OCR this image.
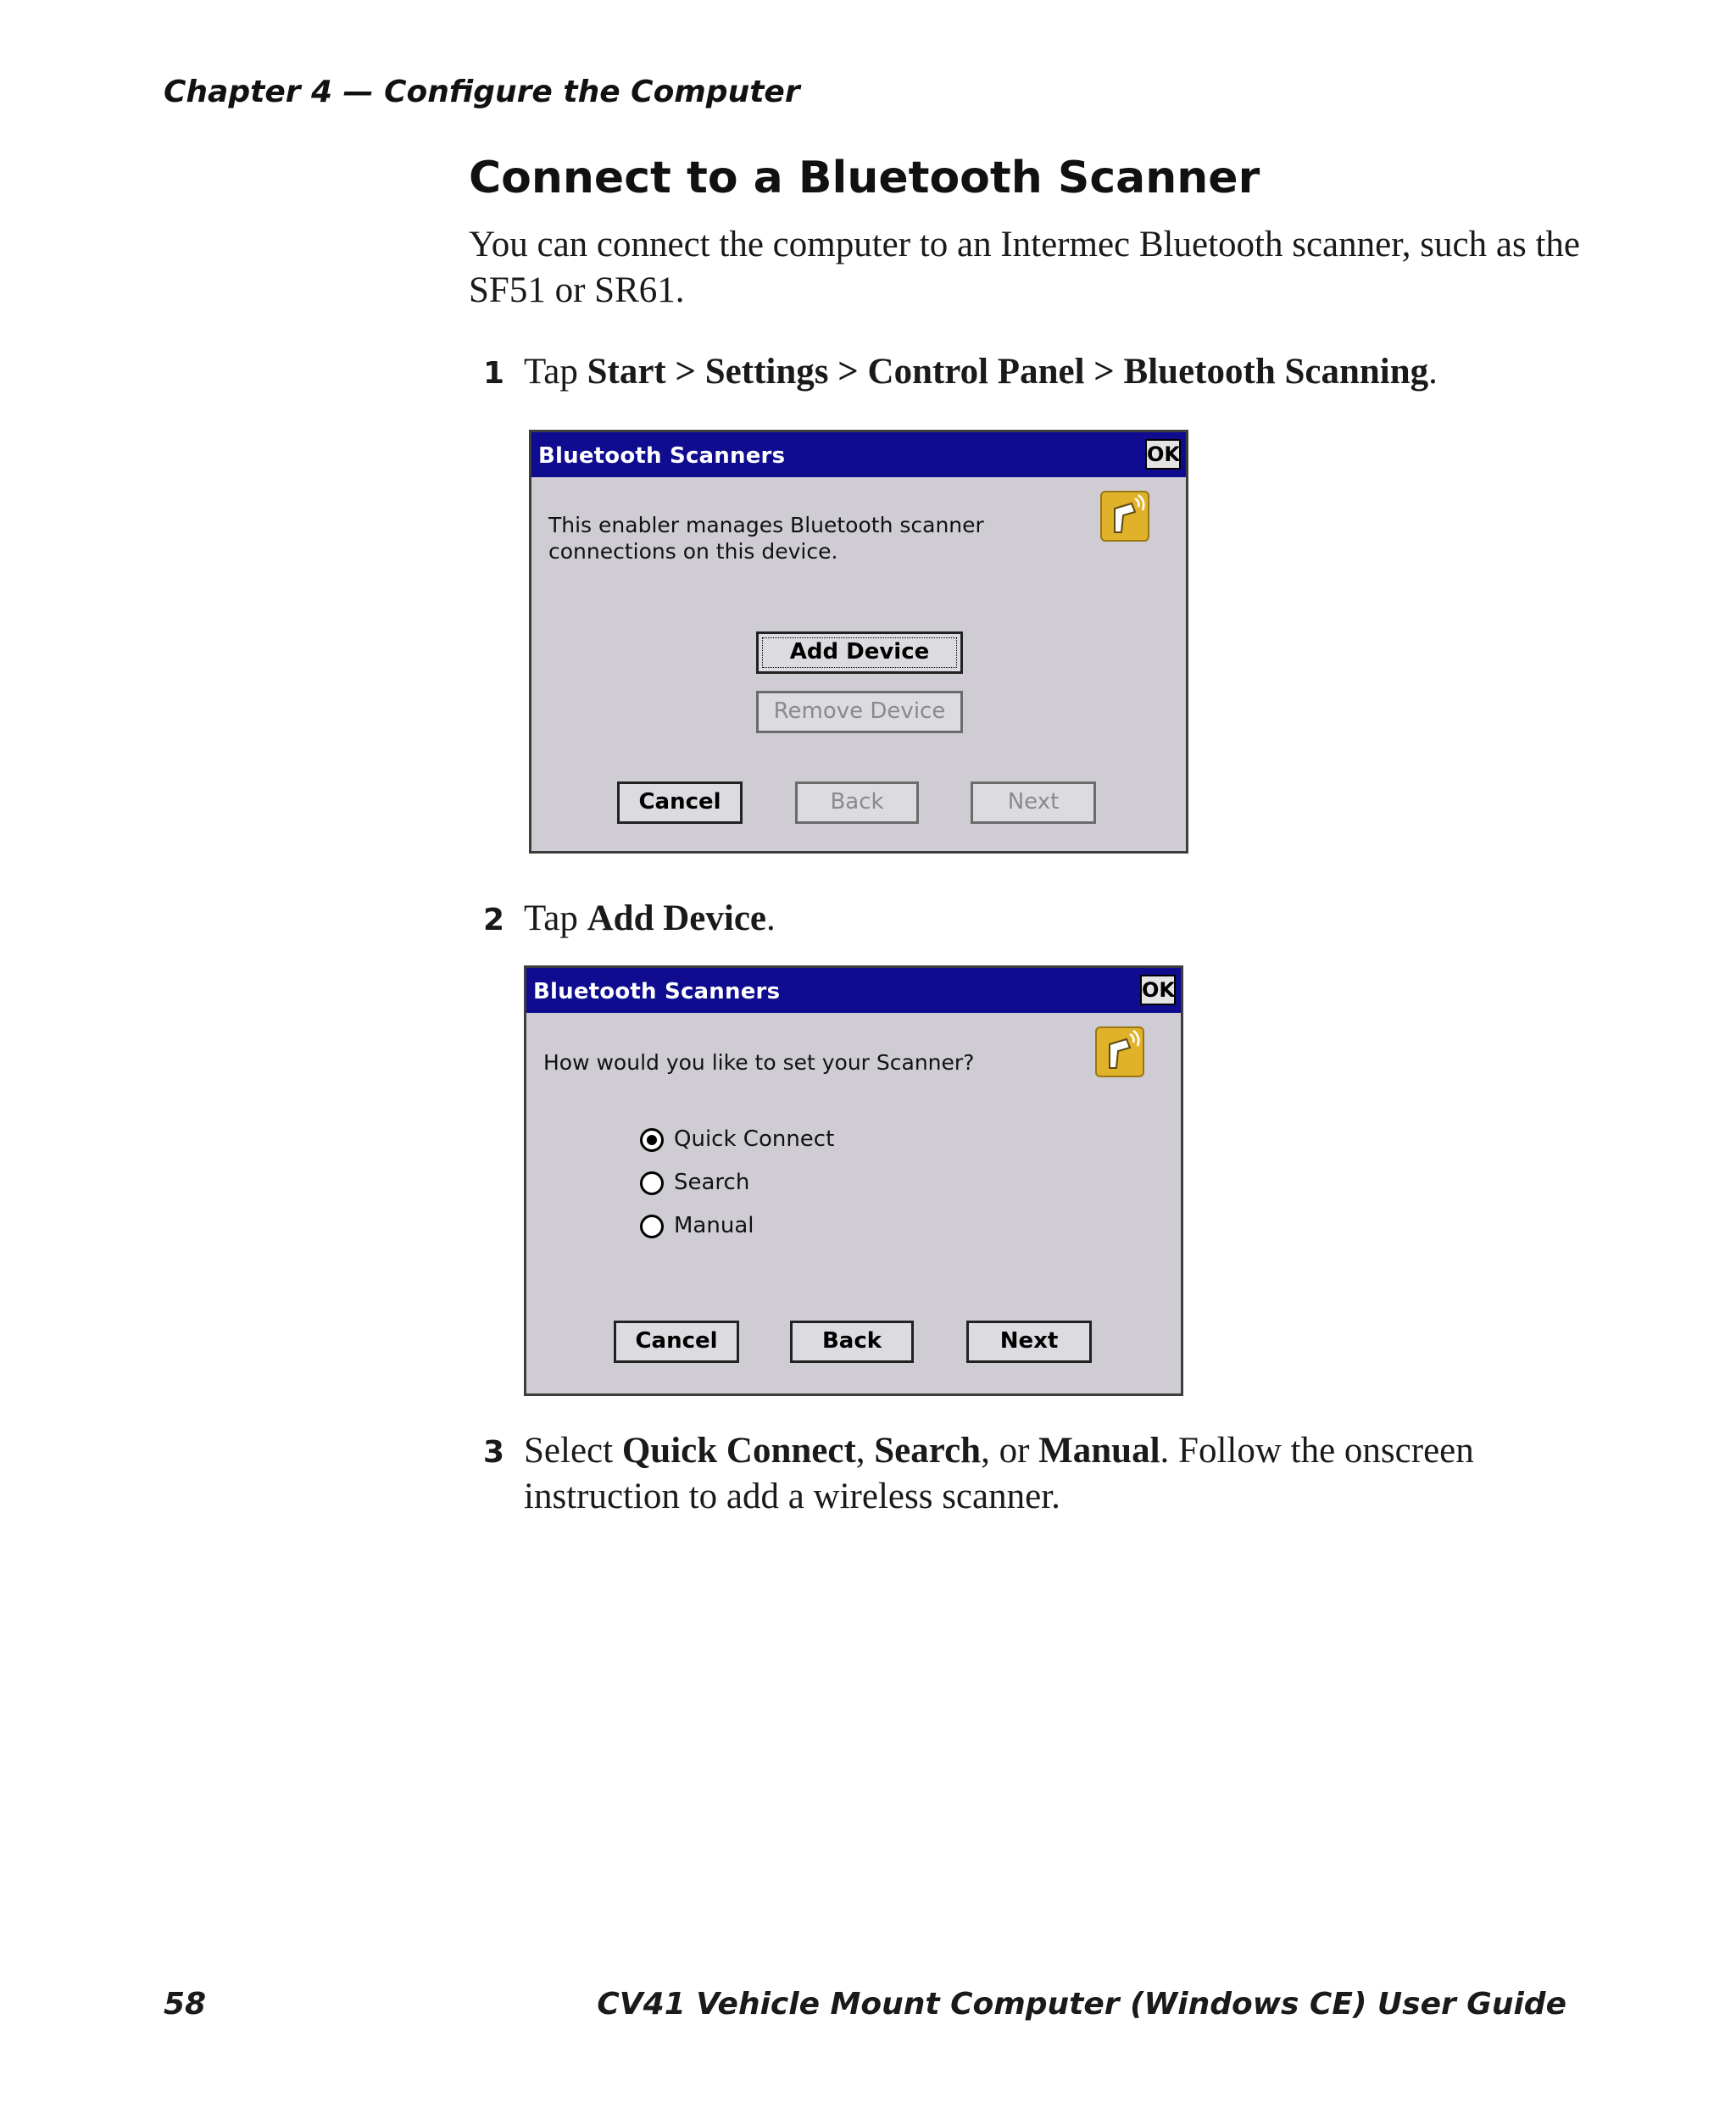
Chapter 4 — Configure the Computer
Connect to a Bluetooth Scanner

You can connect the computer to an Intermec Bluetooth scanner, such as the SF51 or SR61.

1 Tap Start > Settings > Control Panel > Bluetooth Scanning.

Bluetooth Scanners	OK
This enabler manages Bluetooth scanner connections on this device.
Add Device
Remove Device
Cancel	Back	Next

2 Tap Add Device.

Bluetooth Scanners	OK
How would you like to set your Scanner?
Quick Connect
Search
Manual
Cancel	Back	Next

3 Select Quick Connect, Search, or Manual. Follow the onscreen instruction to add a wireless scanner.

58	CV41 Vehicle Mount Computer (Windows CE) User Guide
